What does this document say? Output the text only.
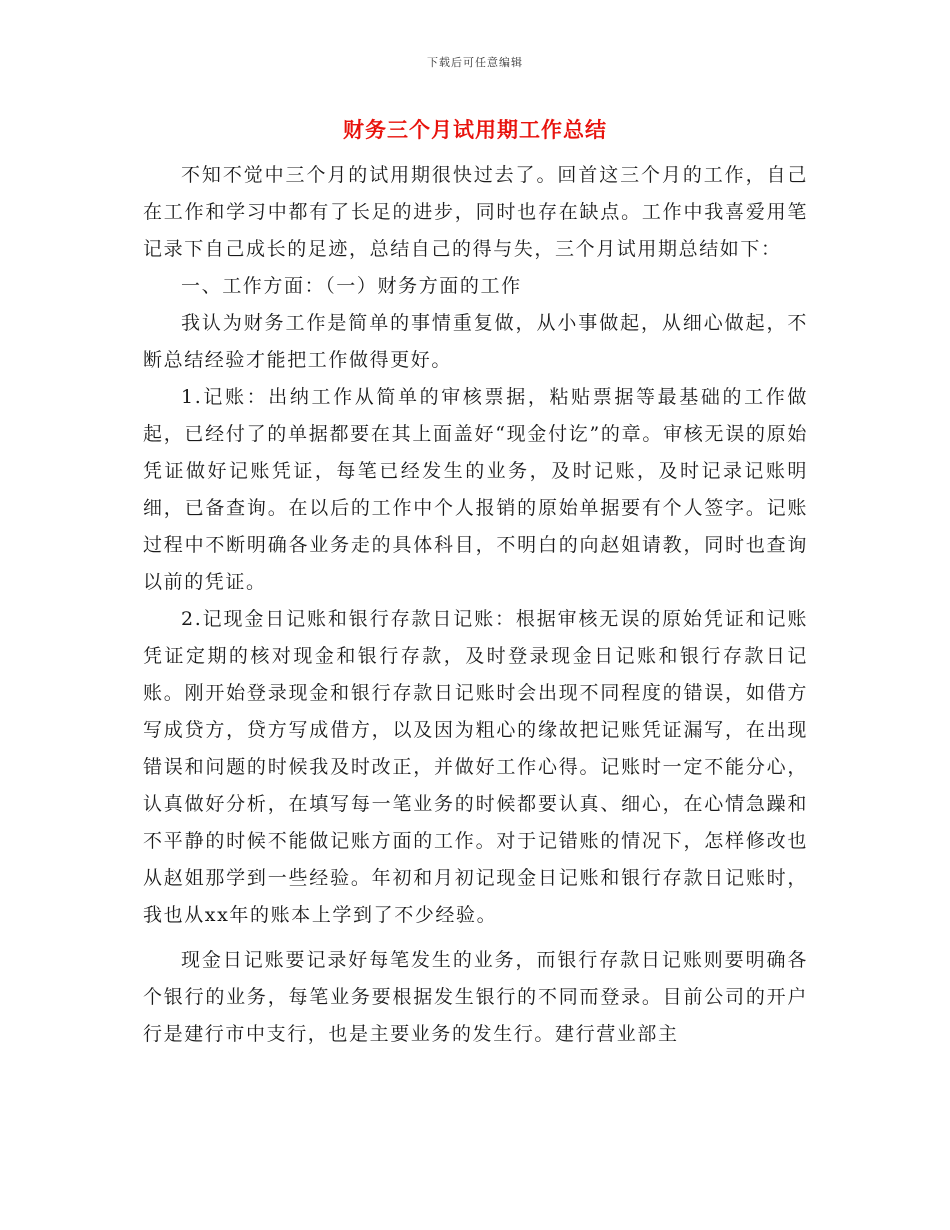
下载后可任意编辑
财务三个月试用期工作总结

不知不觉中三个月的试用期很快过去了。回首这三个月的工作，自己在工作和学习中都有了长足的进步，同时也存在缺点。工作中我喜爱用笔记录下自己成长的足迹，总结自己的得与失，三个月试用期总结如下：

一、工作方面：（一）财务方面的工作

我认为财务工作是简单的事情重复做，从小事做起，从细心做起，不断总结经验才能把工作做得更好。

1.记账：出纳工作从简单的审核票据，粘贴票据等最基础的工作做起，已经付了的单据都要在其上面盖好“现金付讫”的章。审核无误的原始凭证做好记账凭证，每笔已经发生的业务，及时记账，及时记录记账明细，已备查询。在以后的工作中个人报销的原始单据要有个人签字。记账过程中不断明确各业务走的具体科目，不明白的向赵姐请教，同时也查询以前的凭证。

2.记现金日记账和银行存款日记账：根据审核无误的原始凭证和记账凭证定期的核对现金和银行存款，及时登录现金日记账和银行存款日记账。刚开始登录现金和银行存款日记账时会出现不同程度的错误，如借方写成贷方，贷方写成借方，以及因为粗心的缘故把记账凭证漏写，在出现错误和问题的时候我及时改正，并做好工作心得。记账时一定不能分心，认真做好分析，在填写每一笔业务的时候都要认真、细心，在心情急躁和不平静的时候不能做记账方面的工作。对于记错账的情况下，怎样修改也从赵姐那学到一些经验。年初和月初记现金日记账和银行存款日记账时，我也从xx年的账本上学到了不少经验。

现金日记账要记录好每笔发生的业务，而银行存款日记账则要明确各个银行的业务，每笔业务要根据发生银行的不同而登录。目前公司的开户行是建行市中支行，也是主要业务的发生行。建行营业部主
